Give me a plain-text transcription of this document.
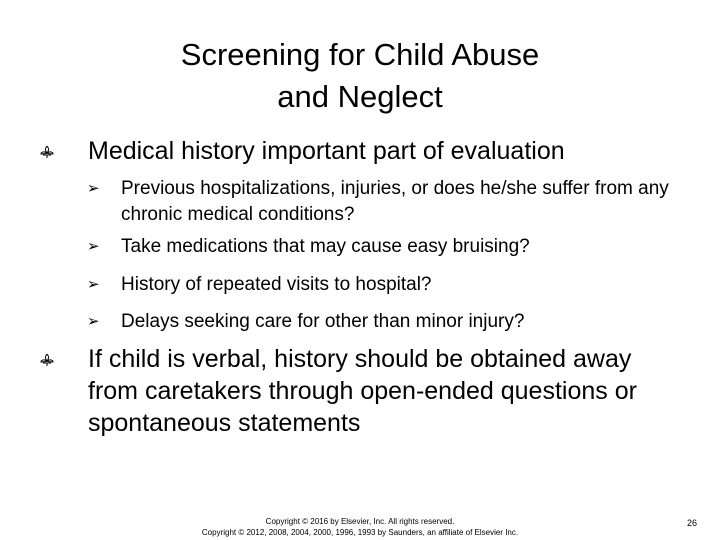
Screening for Child Abuse
and Neglect
Medical history important part of evaluation
➢ Previous hospitalizations, injuries, or does he/she suffer from any chronic medical conditions?
➢ Take medications that may cause easy bruising?
➢ History of repeated visits to hospital?
➢ Delays seeking care for other than minor injury?
If child is verbal, history should be obtained away from caretakers through open-ended questions or spontaneous statements
Copyright © 2016 by Elsevier, Inc. All rights reserved.
Copyright © 2012, 2008, 2004, 2000, 1996, 1993 by Saunders, an affiliate of Elsevier Inc.
26
